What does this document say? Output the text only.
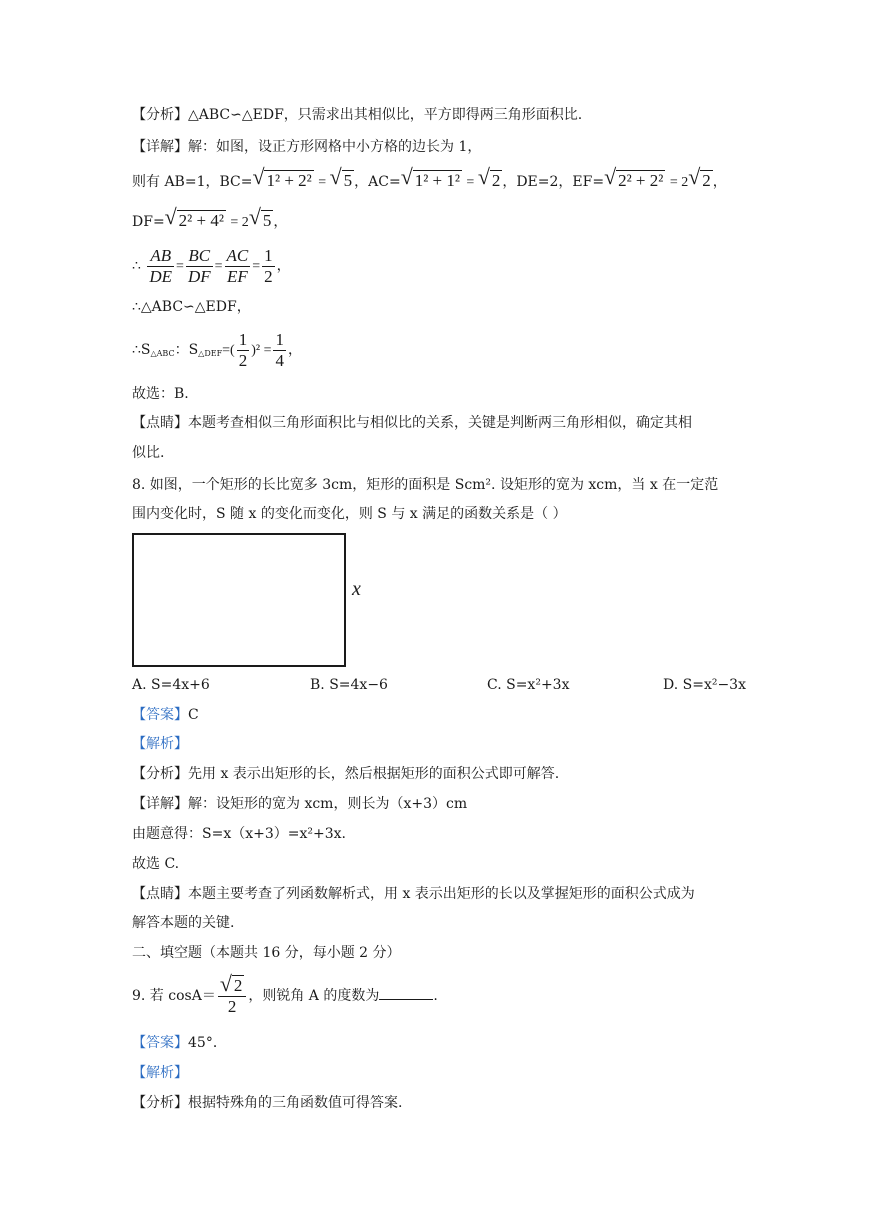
【分析】△ABC∽△EDF，只需求出其相似比，平方即得两三角形面积比.
【详解】解：如图，设正方形网格中小方格的边长为 1，
则有 AB=1，BC= √ 1² + 2² = √ 5 ，AC= √ 1² + 1² = √ 2 ，DE=2，EF= √ 2² + 2² = 2 √ 2 ，
DF= √ 2² + 4² = 2 √ 5 ，
∴ $\frac{AB}{DE} = \frac{BC}{DF} = \frac{AC}{EF} = \frac{1}{2}$ ，
∴△ABC∽△EDF，
$\therefore S_{\triangle ABC}$：$S_{\triangle DEF}=( \frac{1}{2} )^2 = \frac{1}{4}$ ，
故选：B.
【点睛】本题考查相似三角形面积比与相似比的关系，关键是判断两三角形相似，确定其相
似比.
8. 如图，一个矩形的长比宽多 3cm，矩形的面积是 Scm². 设矩形的宽为 xcm，当 x 在一定范
围内变化时，S 随 x 的变化而变化，则 S 与 x 满足的函数关系是（ ）
x
A. S=4x+6	B. S=4x−6	C. S=x²+3x	D. S=x²−3x
【答案】C
【解析】
【分析】先用 x 表示出矩形的长，然后根据矩形的面积公式即可解答.
【详解】解：设矩形的宽为 xcm，则长为（x+3）cm
由题意得：S=x（x+3）=x²+3x.
故选 C.
【点睛】本题主要考查了列函数解析式，用 x 表示出矩形的长以及掌握矩形的面积公式成为
解答本题的关键.
二、填空题（本题共 16 分，每小题 2 分）
9. 若 $\cos A= \frac{√ 2}{2}$ ，则锐角 A 的度数为	.
【答案】45°．
【解析】
【分析】根据特殊角的三角函数值可得答案.
